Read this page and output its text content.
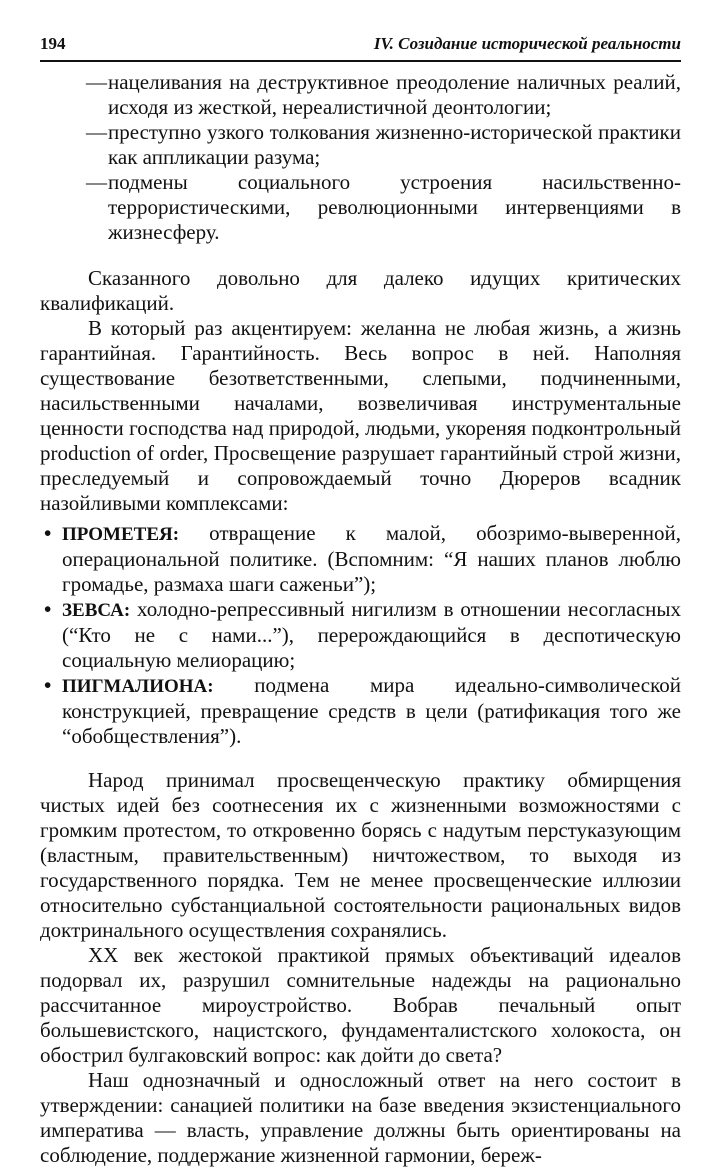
194	IV. Созидание исторической реальности
— нацеливания на деструктивное преодоление наличных реалий, исходя из жесткой, нереалистичной деонтологии;
— преступно узкого толкования жизненно-исторической практики как аппликации разума;
— подмены социального устроения насильственно-террористическими, революционными интервенциями в жизнесферу.

Сказанного довольно для далеко идущих критических квалификаций.

В который раз акцентируем: желанна не любая жизнь, а жизнь гарантийная. Гарантийность. Весь вопрос в ней. Наполняя существование безответственными, слепыми, подчиненными, насильственными началами, возвеличивая инструментальные ценности господства над природой, людьми, укореняя подконтрольный production of order, Просвещение разрушает гарантийный строй жизни, преследуемый и сопровождаемый точно Дюреров всадник назойливыми комплексами:

• ПРОМЕТЕЯ: отвращение к малой, обозримо-выверенной, операциональной политике. (Вспомним: “Я наших планов люблю громадье, размаха шаги саженьи”);
• ЗЕВСА: холодно-репрессивный нигилизм в отношении несогласных (“Кто не с нами...”), перерождающийся в деспотическую социальную мелиорацию;
• ПИГМАЛИОНА: подмена мира идеально-символической конструкцией, превращение средств в цели (ратификация того же “обобществления”).

Народ принимал просвещенческую практику обмирщения чистых идей без соотнесения их с жизненными возможностями с громким протестом, то откровенно борясь с надутым перстуказующим (властным, правительственным) ничтожеством, то выходя из государственного порядка. Тем не менее просвещенческие иллюзии относительно субстанциальной состоятельности рациональных видов доктринального осуществления сохранялись.

XX век жестокой практикой прямых объективаций идеалов подорвал их, разрушил сомнительные надежды на рационально рассчитанное мироустройство. Вобрав печальный опыт большевистского, нацистского, фундаменталистского холокоста, он обострил булгаковский вопрос: как дойти до света?

Наш однозначный и односложный ответ на него состоит в утверждении: санацией политики на базе введения экзистенциального императива — власть, управление должны быть ориентированы на соблюдение, поддержание жизненной гармонии, береж-
